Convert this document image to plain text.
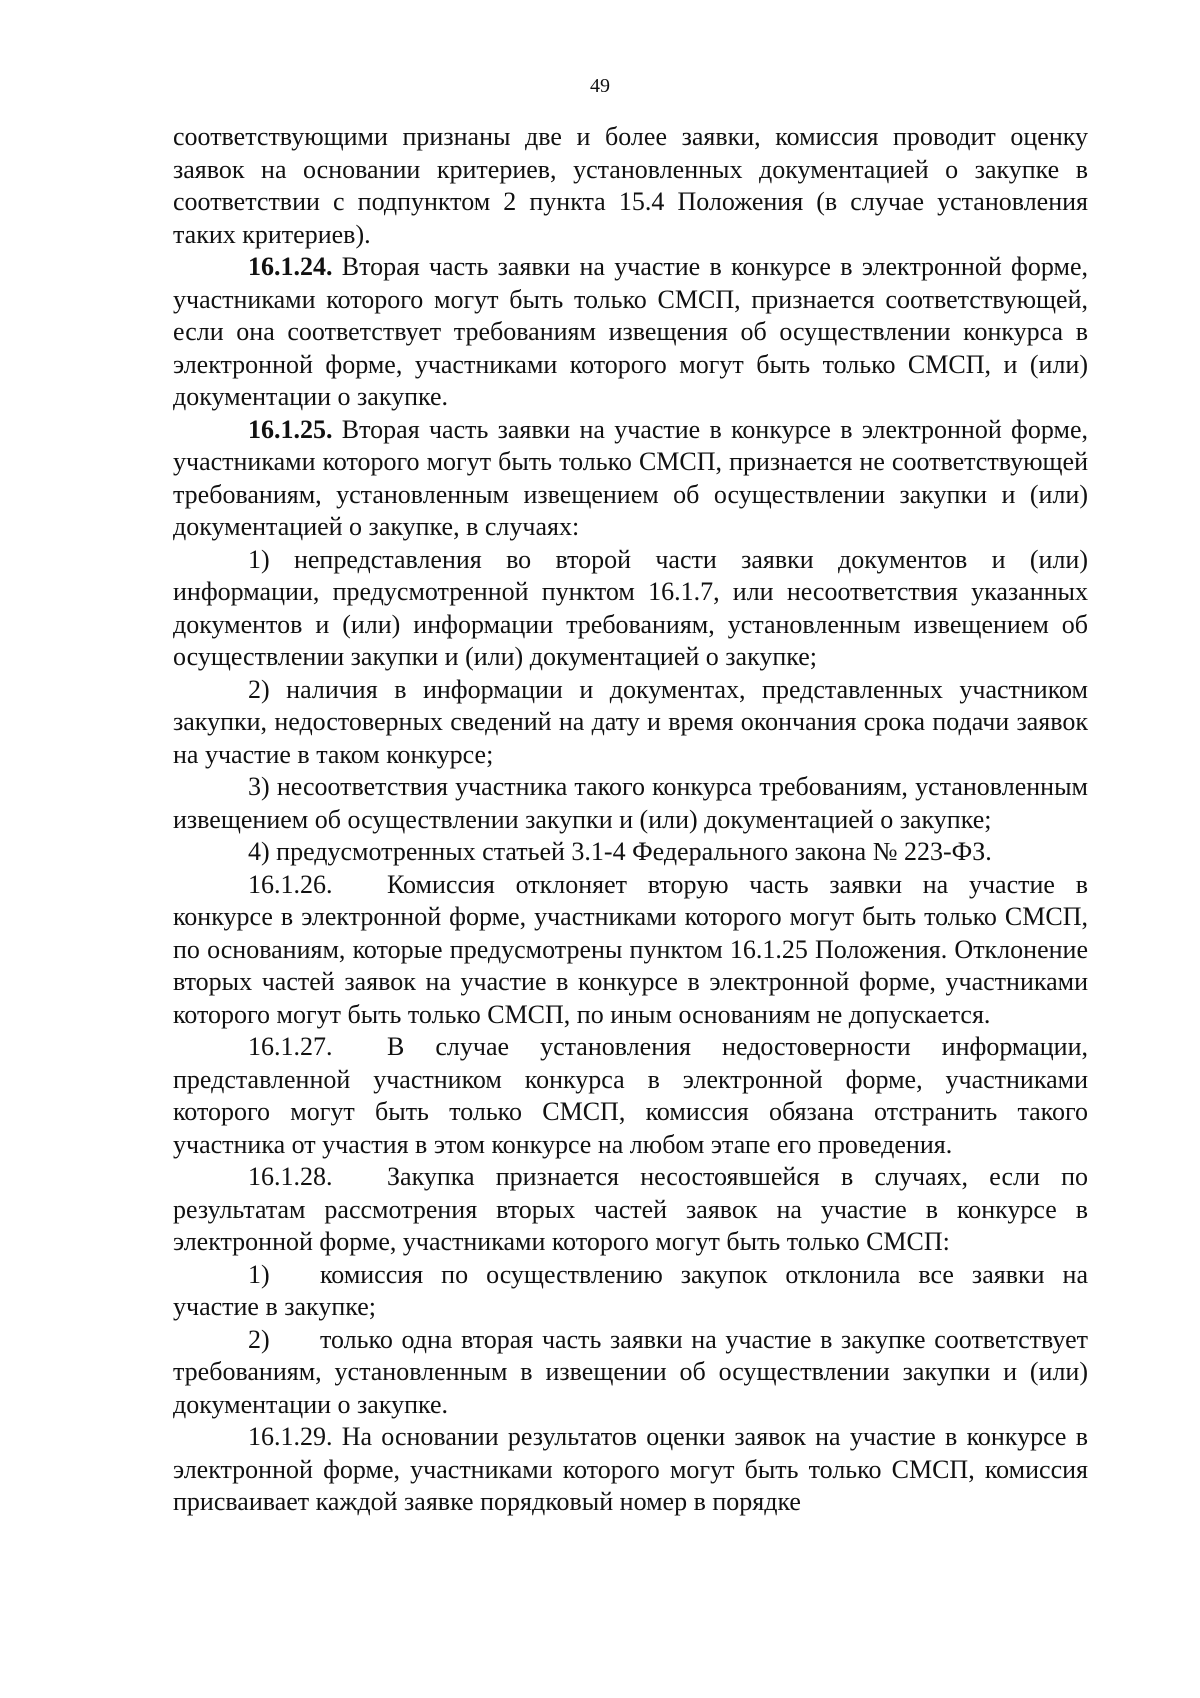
49

соответствующими признаны две и более заявки, комиссия проводит оценку заявок на основании критериев, установленных документацией о закупке в соответствии с подпунктом 2 пункта 15.4 Положения (в случае установления таких критериев).

16.1.24. Вторая часть заявки на участие в конкурсе в электронной форме, участниками которого могут быть только СМСП, признается соответствующей, если она соответствует требованиям извещения об осуществлении конкурса в электронной форме, участниками которого могут быть только СМСП, и (или) документации о закупке.

16.1.25. Вторая часть заявки на участие в конкурсе в электронной форме, участниками которого могут быть только СМСП, признается не соответствующей требованиям, установленным извещением об осуществлении закупки и (или) документацией о закупке, в случаях:

1) непредставления во второй части заявки документов и (или) информации, предусмотренной пунктом 16.1.7, или несоответствия указанных документов и (или) информации требованиям, установленным извещением об осуществлении закупки и (или) документацией о закупке;

2) наличия в информации и документах, представленных участником закупки, недостоверных сведений на дату и время окончания срока подачи заявок на участие в таком конкурсе;

3) несоответствия участника такого конкурса требованиям, установленным извещением об осуществлении закупки и (или) документацией о закупке;

4) предусмотренных статьей 3.1-4 Федерального закона № 223-ФЗ.

16.1.26. Комиссия отклоняет вторую часть заявки на участие в конкурсе в электронной форме, участниками которого могут быть только СМСП, по основаниям, которые предусмотрены пунктом 16.1.25 Положения. Отклонение вторых частей заявок на участие в конкурсе в электронной форме, участниками которого могут быть только СМСП, по иным основаниям не допускается.

16.1.27. В случае установления недостоверности информации, представленной участником конкурса в электронной форме, участниками которого могут быть только СМСП, комиссия обязана отстранить такого участника от участия в этом конкурсе на любом этапе его проведения.

16.1.28. Закупка признается несостоявшейся в случаях, если по результатам рассмотрения вторых частей заявок на участие в конкурсе в электронной форме, участниками которого могут быть только СМСП:

1) комиссия по осуществлению закупок отклонила все заявки на участие в закупке;

2) только одна вторая часть заявки на участие в закупке соответствует требованиям, установленным в извещении об осуществлении закупки и (или) документации о закупке.

16.1.29. На основании результатов оценки заявок на участие в конкурсе в электронной форме, участниками которого могут быть только СМСП, комиссия присваивает каждой заявке порядковый номер в порядке
